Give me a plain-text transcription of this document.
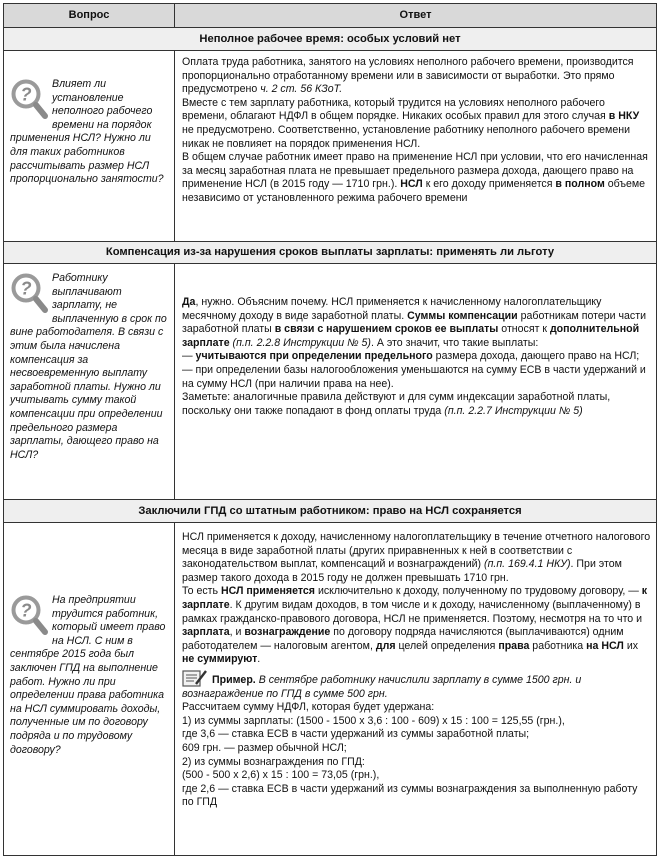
Вопрос	Ответ
Неполное рабочее время: особых условий нет
?
Влияет ли установление неполного рабочего времени на порядок применения НСЛ? Нужно ли для таких работников рассчитывать размер НСЛ пропорционально занятости?

Оплата труда работника, занятого на условиях неполного рабочего времени, производится пропорционально отработанному времени или в зависимости от выработки. Это прямо предусмотрено ч. 2 ст. 56 КЗоТ.

Вместе с тем зарплату работника, который трудится на условиях неполного рабочего времени, облагают НДФЛ в общем порядке. Никаких особых правил для этого случая в НКУ не предусмотрено. Соответственно, установление работнику неполного рабочего времени никак не повлияет на порядок применения НСЛ.

В общем случае работник имеет право на применение НСЛ при условии, что его начисленная за месяц заработная плата не превышает предельного размера дохода, дающего право на применение НСЛ (в 2015 году — 1710 грн.). НСЛ к его доходу применяется в полном объеме независимо от установленного режима рабочего времени

Компенсация из-за нарушения сроков выплаты зарплаты: применять ли льготу
?
Работнику выплачивают зарплату, не выплаченную в срок по вине работодателя. В связи с этим была начислена компенсация за несвоевременную выплату заработной платы. Нужно ли учитывать сумму такой компенсации при определении предельного размера зарплаты, дающего право на НСЛ?

Да, нужно. Объясним почему. НСЛ применяется к начисленному налогоплательщику месячному доходу в виде заработной платы. Суммы компенсации работникам потери части заработной платы в связи с нарушением сроков ее выплаты относят к дополнительной зарплате (п.п. 2.2.8 Инструкции № 5). А это значит, что такие выплаты:

— учитываются при определении предельного размера дохода, дающего право на НСЛ;

— при определении базы налогообложения уменьшаются на сумму ЕСВ в части удержаний и на сумму НСЛ (при наличии права на нее).

Заметьте: аналогичные правила действуют и для сумм индексации заработной платы, поскольку они также попадают в фонд оплаты труда (п.п. 2.2.7 Инструкции № 5)

Заключили ГПД со штатным работником: право на НСЛ сохраняется
?
На предприятии трудится работник, который имеет право на НСЛ. С ним в сентябре 2015 года был заключен ГПД на выполнение работ. Нужно ли при определении права работника на НСЛ суммировать доходы, полученные им по договору подряда и по трудовому договору?

НСЛ применяется к доходу, начисленному налогоплательщику в течение отчетного налогового месяца в виде заработной платы (других приравненных к ней в соответствии с законодательством выплат, компенсаций и вознаграждений) (п.п. 169.4.1 НКУ). При этом размер такого дохода в 2015 году не должен превышать 1710 грн.

То есть НСЛ применяется исключительно к доходу, полученному по трудовому договору, — к зарплате. К другим видам доходов, в том числе и к доходу, начисленному (выплаченному) в рамках гражданско-правового договора, НСЛ не применяется. Поэтому, несмотря на то что и зарплата, и вознаграждение по договору подряда начисляются (выплачиваются) одним работодателем — налоговым агентом, для целей определения права работника на НСЛ их не суммируют.

Пример. В сентябре работнику начислили зарплату в сумме 1500 грн. и вознаграждение по ГПД в сумме 500 грн.

Рассчитаем сумму НДФЛ, которая будет удержана:

1) из суммы зарплаты: (1500 - 1500 х 3,6 : 100 - 609) х 15 : 100 = 125,55 (грн.),

где 3,6 — ставка ЕСВ в части удержаний из суммы заработной платы;

609 грн. — размер обычной НСЛ;

2) из суммы вознаграждения по ГПД:

(500 - 500 х 2,6) х 15 : 100 = 73,05 (грн.),

где 2,6 — ставка ЕСВ в части удержаний из суммы вознаграждения за выполненную работу по ГПД
